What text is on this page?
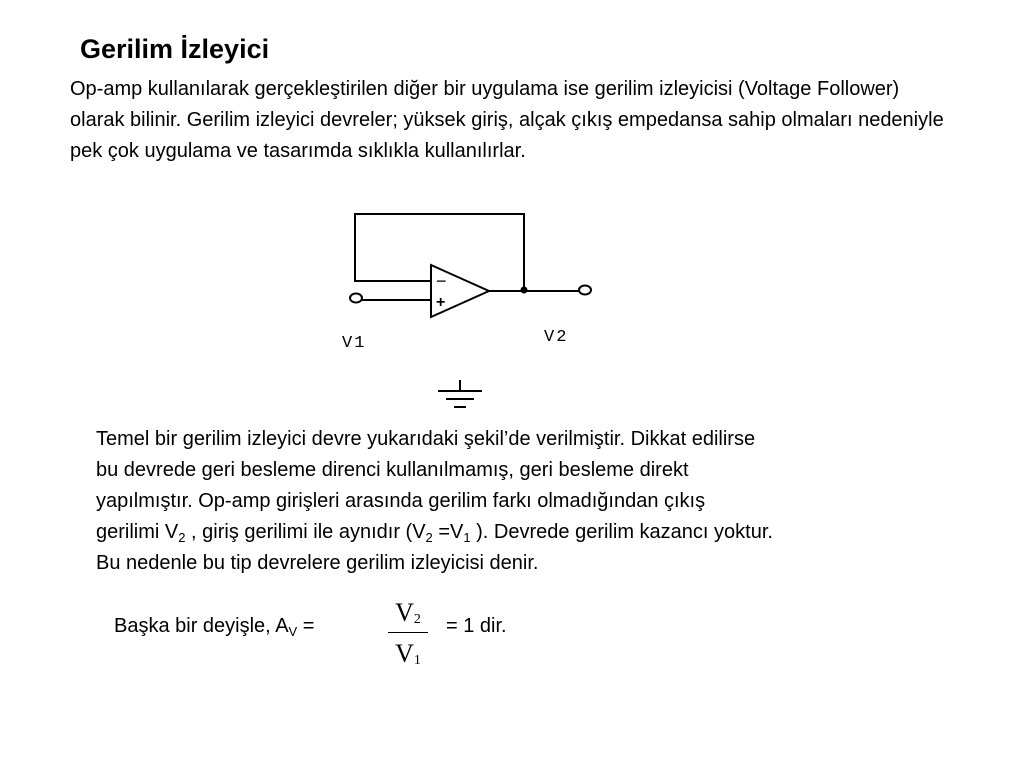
Gerilim İzleyici

Op-amp kullanılarak gerçekleştirilen diğer bir uygulama ise gerilim izleyicisi (Voltage Follower) olarak bilinir. Gerilim izleyici devreler; yüksek giriş, alçak çıkış empedansa sahip olmaları nedeniyle pek çok uygulama ve tasarımda sıklıkla kullanılırlar.

−
+
V1	V2

Temel bir gerilim izleyici devre yukarıdaki şekil’de verilmiştir. Dikkat edilirse
bu devrede geri besleme direnci kullanılmamış, geri besleme direkt
yapılmıştır. Op-amp girişleri arasında gerilim farkı olmadığından çıkış
gerilimi $V_2$ , giriş gerilimi ile aynıdır ($V_2 =V_1$ ). Devrede gerilim kazancı yoktur.
Bu nedenle bu tip devrelere gerilim izleyicisi denir.

Başka bir deyişle, $A_V$ =	$V_2$
$V_1$
= 1 dir.
